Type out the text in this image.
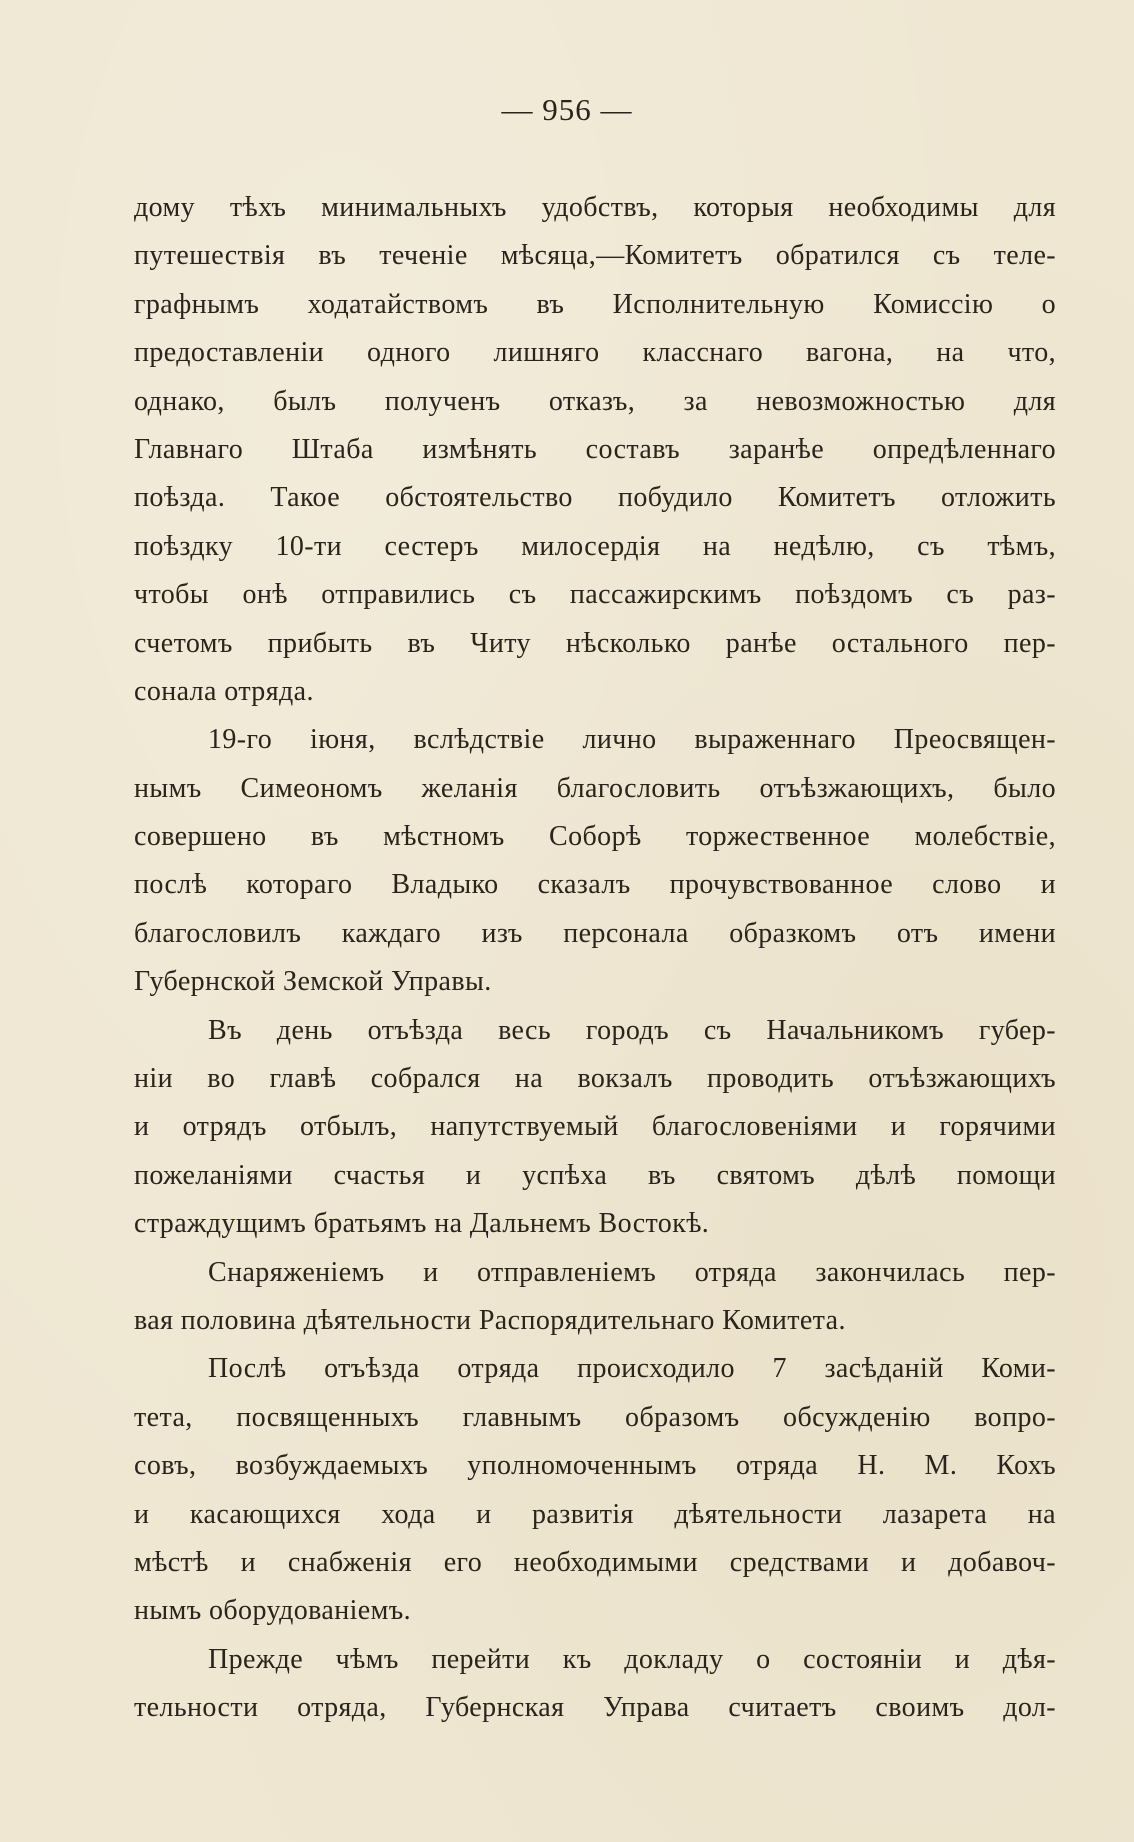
— 956 —
дому тѣхъ минимальныхъ удобствъ, которыя необходимы для
путешествія въ теченіе мѣсяца,—Комитетъ обратился съ теле-
графнымъ ходатайствомъ въ Исполнительную Комиссію о
предоставленіи одного лишняго класснаго вагона, на что,
однако, былъ полученъ отказъ, за невозможностью для
Главнаго Штаба измѣнять составъ заранѣе опредѣленнаго
поѣзда. Такое обстоятельство побудило Комитетъ отложить
поѣздку 10-ти сестеръ милосердія на недѣлю, съ тѣмъ,
чтобы онѣ отправились съ пассажирскимъ поѣздомъ съ раз-
счетомъ прибыть въ Читу нѣсколько ранѣе остального пер-
сонала отряда.
19-го іюня, вслѣдствіе лично выраженнаго Преосвящен-
нымъ Симеономъ желанія благословить отъѣзжающихъ, было
совершено въ мѣстномъ Соборѣ торжественное молебствіе,
послѣ котораго Владыко сказалъ прочувствованное слово и
благословилъ каждаго изъ персонала образкомъ отъ имени
Губернской Земской Управы.
Въ день отъѣзда весь городъ съ Начальникомъ губер-
ніи во главѣ собрался на вокзалъ проводить отъѣзжающихъ
и отрядъ отбылъ, напутствуемый благословеніями и горячими
пожеланіями счастья и успѣха въ святомъ дѣлѣ помощи
страждущимъ братьямъ на Дальнемъ Востокѣ.
Снаряженіемъ и отправленіемъ отряда закончилась пер-
вая половина дѣятельности Распорядительнаго Комитета.
Послѣ отъѣзда отряда происходило 7 засѣданій Коми-
тета, посвященныхъ главнымъ образомъ обсужденію вопро-
совъ, возбуждаемыхъ уполномоченнымъ отряда Н. М. Кохъ
и касающихся хода и развитія дѣятельности лазарета на
мѣстѣ и снабженія его необходимыми средствами и добавоч-
нымъ оборудованіемъ.
Прежде чѣмъ перейти къ докладу о состояніи и дѣя-
тельности отряда, Губернская Управа считаетъ своимъ дол-
